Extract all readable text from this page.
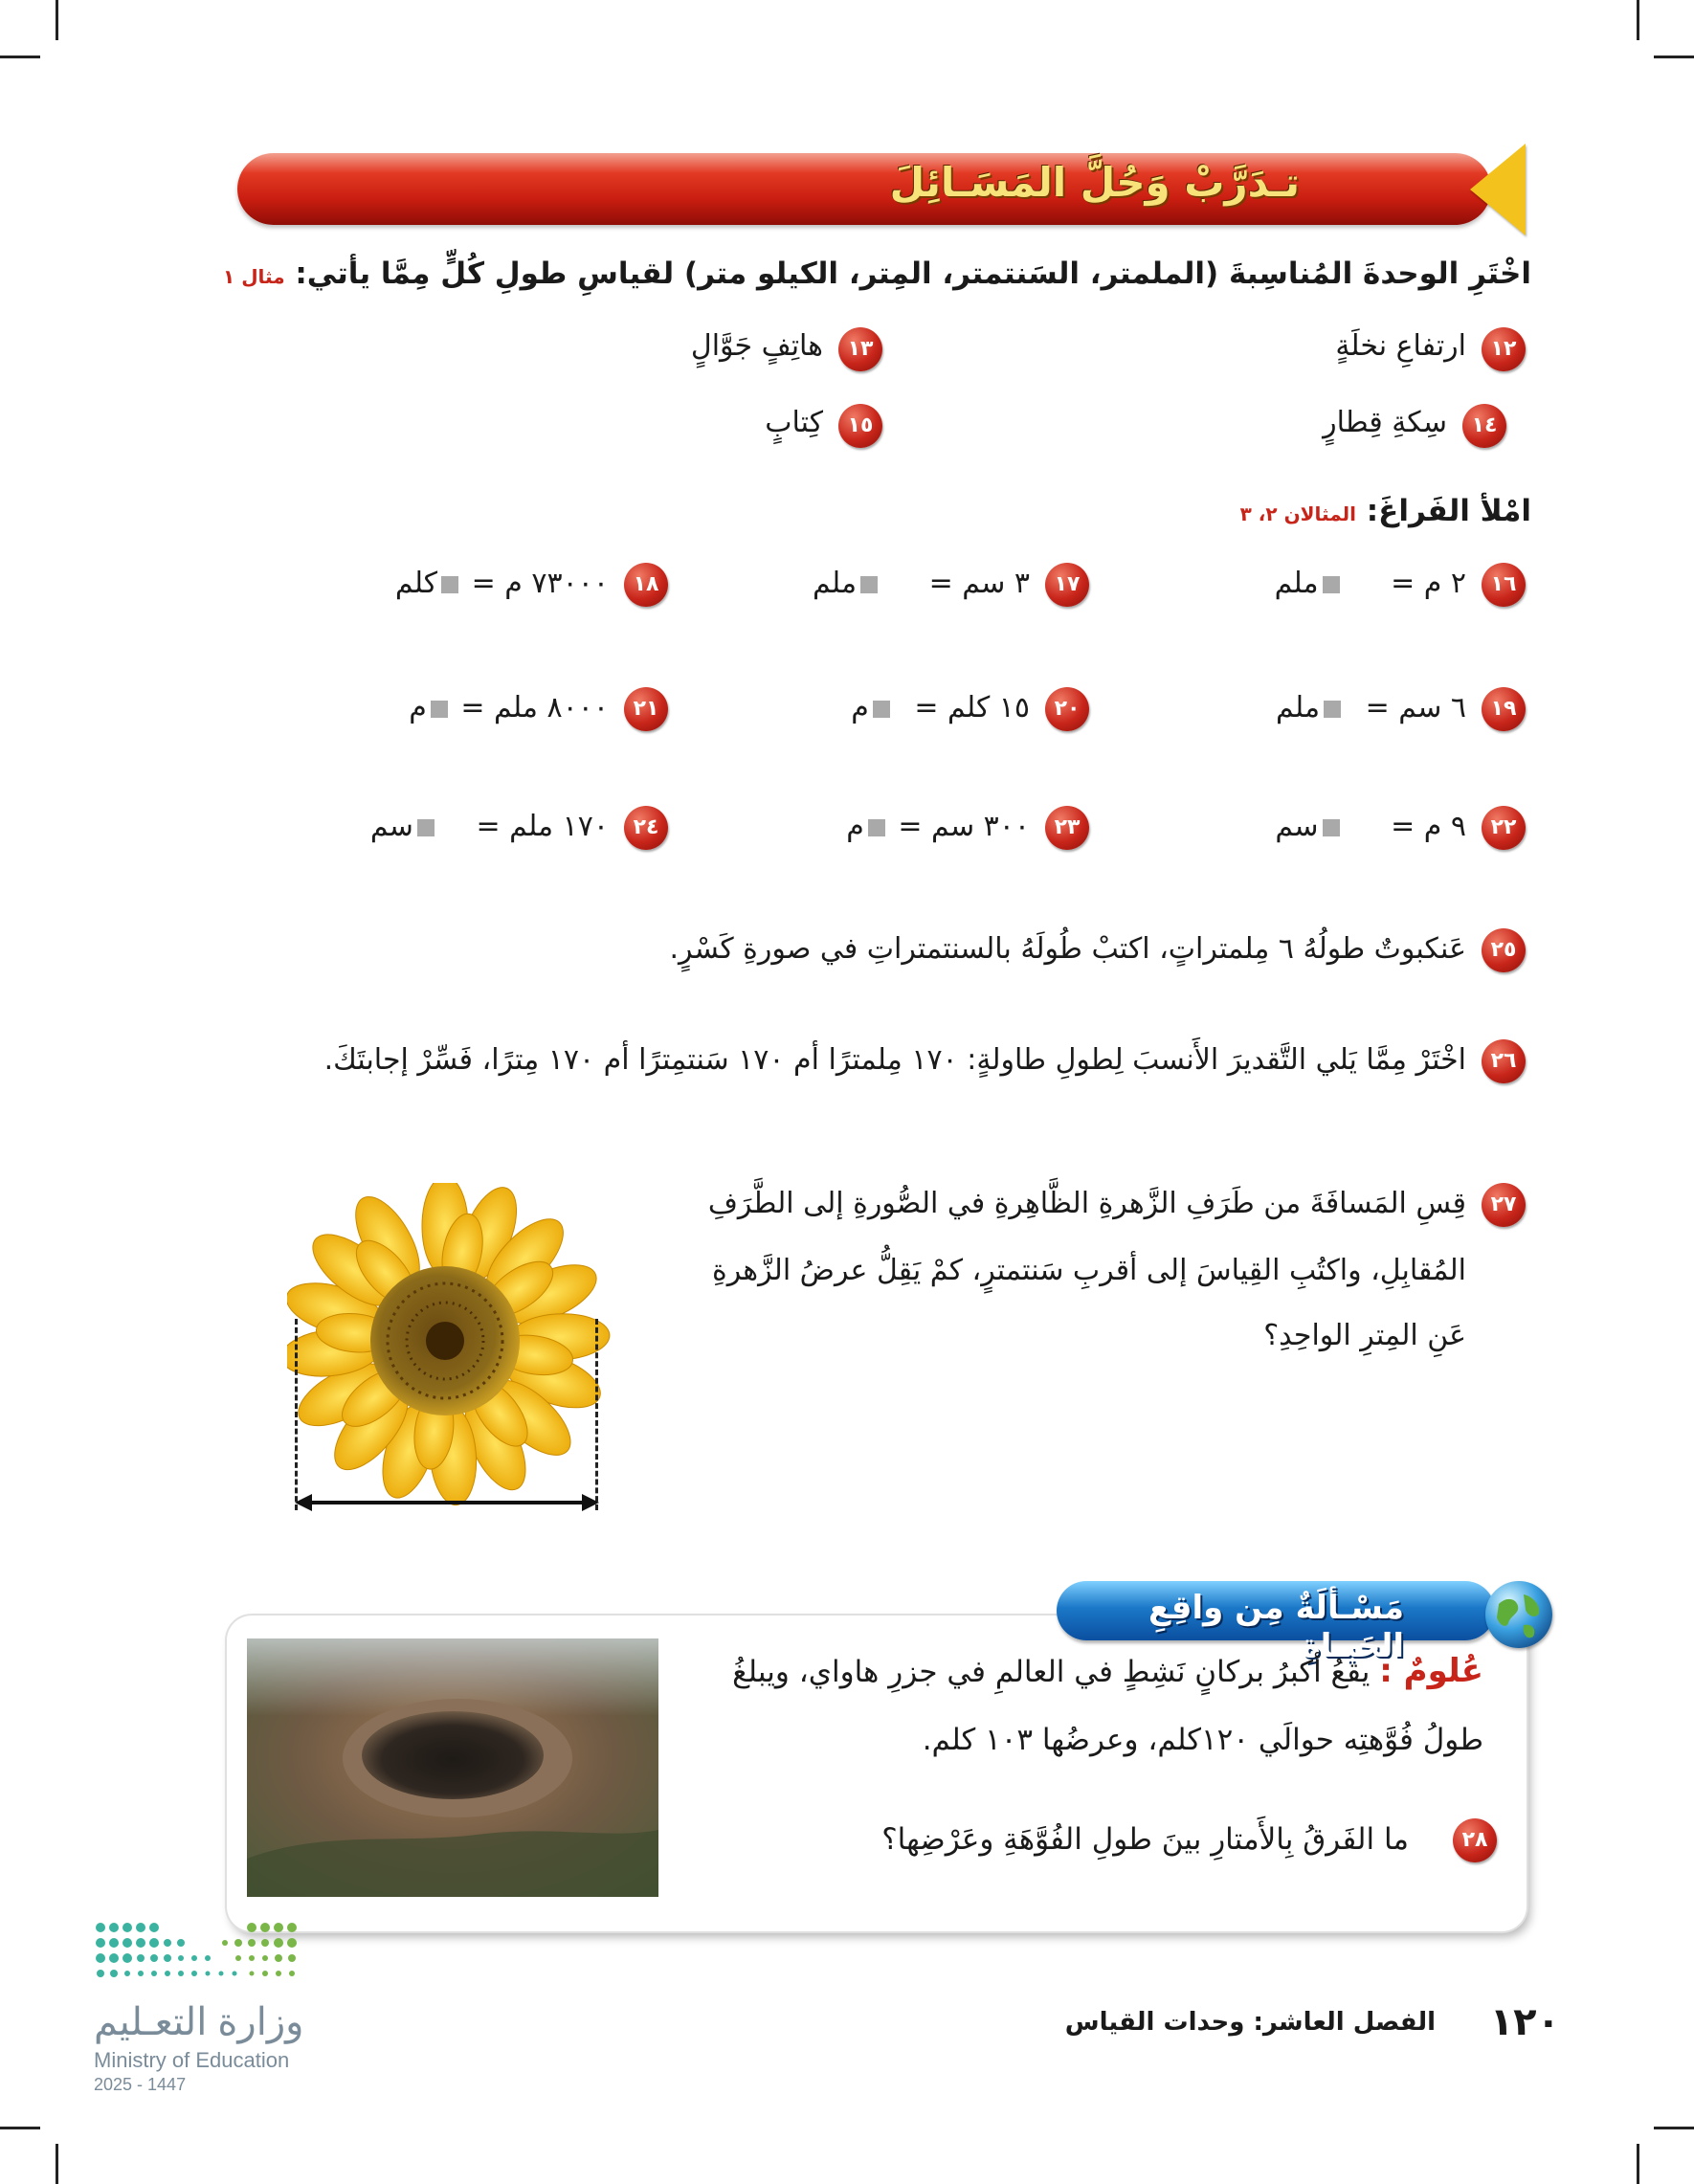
تـدَرَّبْ وَحُلَّ المَسَـائِلَ
اخْتَرِ الوحدةَ المُناسِبةَ (الملمتر، السَنتمتر، المِتر، الكيلو متر) لقياسِ طولِ كُلٍّ مِمَّا يأتي: مثال ١
١٢
ارتفاعِ نخلَةٍ
١٣
هاتِفٍ جَوَّالٍ
١٤
سِكةِ قِطارٍ
١٥
كِتابٍ
امْلأ الفَراغَ: المثالان ٢، ٣
١٦
٢ م = ملم
١٧
٣ سم = ملم
١٨
٧٣٠٠٠ م = كلم
١٩
٦ سم = ملم
٢٠
١٥ كلم = م
٢١
٨٠٠٠ ملم = م
٢٢
٩ م = سم
٢٣
٣٠٠ سم = م
٢٤
١٧٠ ملم = سم
٢٥
عَنكبوتٌ طولُهُ ٦ مِلمتراتٍ، اكتبْ طُولَهُ بالسنتمتراتِ في صورةِ كَسْرٍ.
٢٦
اخْتَرْ مِمَّا يَلي التَّقديرَ الأَنسبَ لِطولِ طاولةٍ: ١٧٠ مِلمترًا أم ١٧٠ سَنتمِترًا أم ١٧٠ مِترًا، فَسِّرْ إجابتَكَ.
٢٧
قِسِ المَسافَةَ من طَرَفِ الزَّهرةِ الظَّاهِرةِ في الصُّورةِ إلى الطَّرَفِ
المُقابِلِ، واكتُبِ القِياسَ إلى أقربِ سَنتمترٍ، كمْ يَقِلُّ عرضُ الزَّهرةِ
عَنِ المِترِ الواحِدِ؟
مَسْـألَةٌ مِن واقِعِ الحَيـاةِ
عُلومٌ : يقعُ أكبرُ بركانٍ نَشِطٍ في العالمِ في جزرِ هاواي، ويبلغُ
طولُ فُوَّهتِه حوالَي ١٢٠كلم، وعرضُها ١٠٣ كلم.
٢٨
ما الفَرقُ بِالأَمتارِ بينَ طولِ الفُوَّهَةِ وعَرْضِها؟
وزارة التعـليم
Ministry of Education
2025 - 1447
١٢٠
الفصل العاشر: وحدات القياس
